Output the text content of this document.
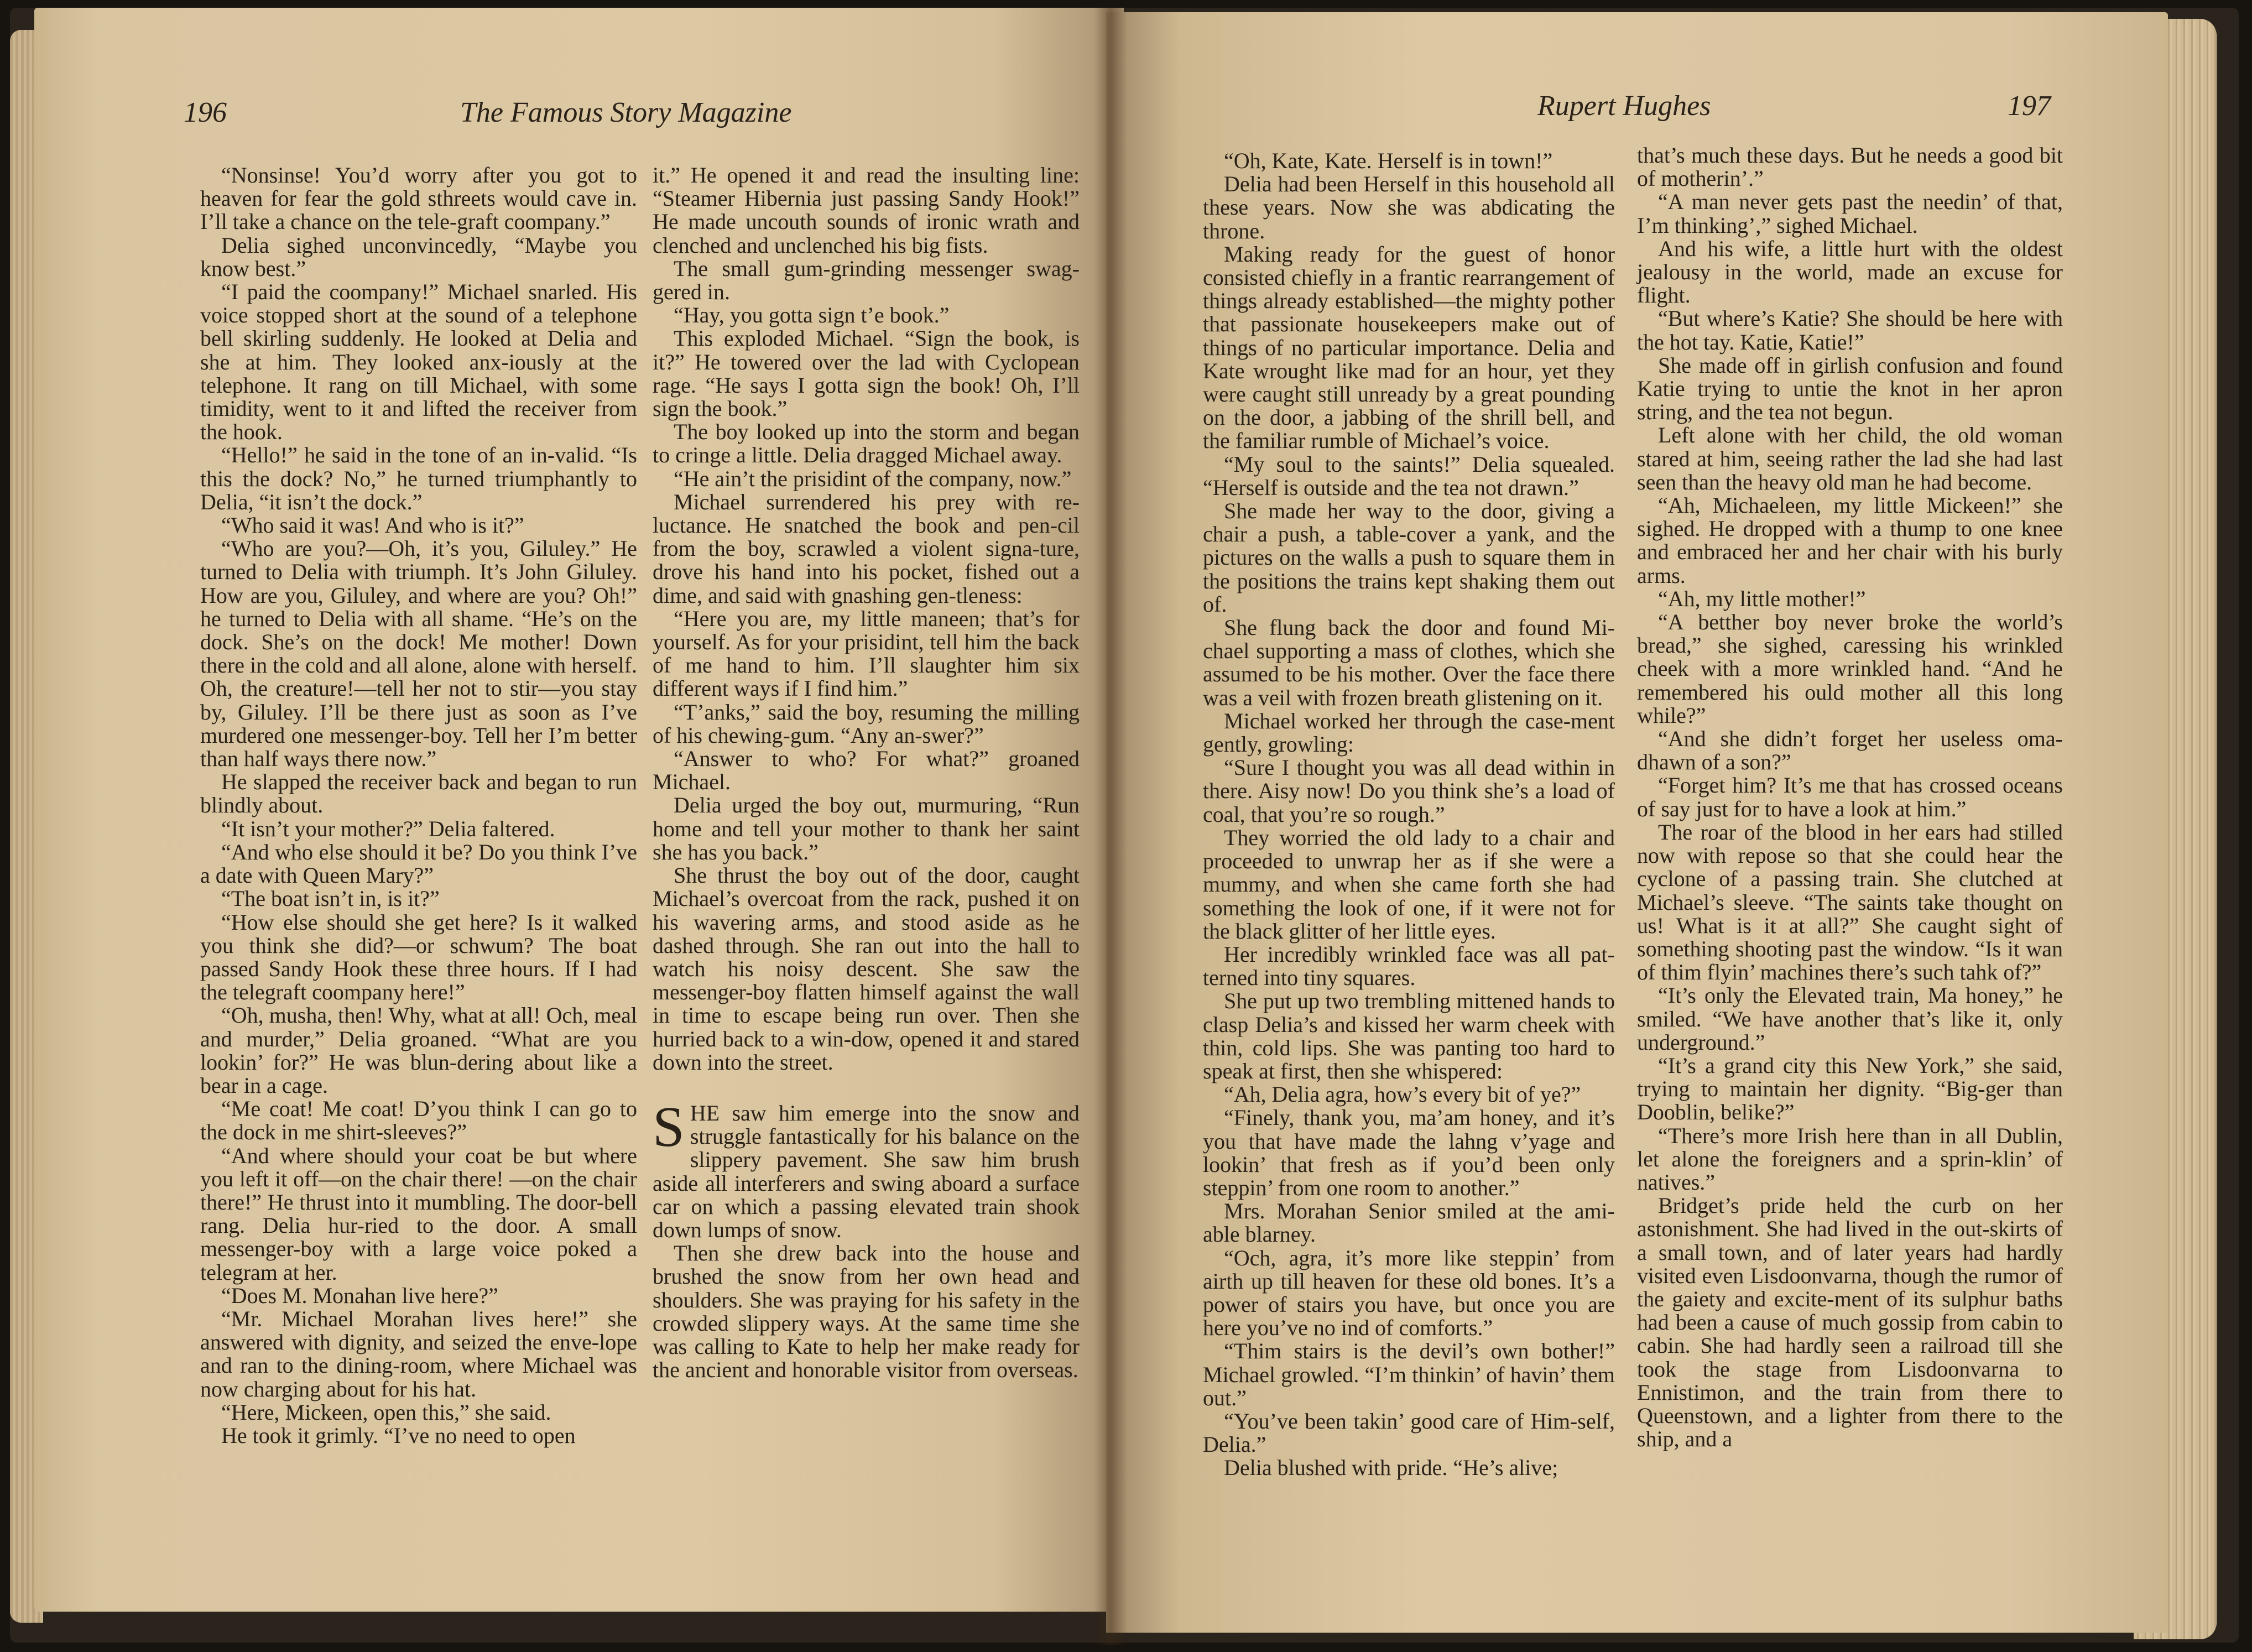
196	The Famous Story Magazine

“Nonsinse! You’d worry after you got to heaven for fear the gold sthreets would cave in. I’ll take a chance on the tele-graft coompany.”

Delia sighed unconvincedly, “Maybe you know best.”

“I paid the coompany!” Michael snarled. His voice stopped short at the sound of a telephone bell skirling suddenly. He looked at Delia and she at him. They looked anx-iously at the telephone. It rang on till Michael, with some timidity, went to it and lifted the receiver from the hook.

“Hello!” he said in the tone of an in-valid. “Is this the dock? No,” he turned triumphantly to Delia, “it isn’t the dock.”

“Who said it was! And who is it?”

“Who are you?—Oh, it’s you, Giluley.” He turned to Delia with triumph. It’s John Giluley. How are you, Giluley, and where are you? Oh!” he turned to Delia with all shame. “He’s on the dock. She’s on the dock! Me mother! Down there in the cold and all alone, alone with herself. Oh, the creature!—tell her not to stir—you stay by, Giluley. I’ll be there just as soon as I’ve murdered one messenger-boy. Tell her I’m better than half ways there now.”

He slapped the receiver back and began to run blindly about.

“It isn’t your mother?” Delia faltered.

“And who else should it be? Do you think I’ve a date with Queen Mary?”

“The boat isn’t in, is it?”

“How else should she get here? Is it walked you think she did?—or schwum? The boat passed Sandy Hook these three hours. If I had the telegraft coompany here!”

“Oh, musha, then! Why, what at all! Och, meal and murder,” Delia groaned. “What are you lookin’ for?” He was blun-dering about like a bear in a cage.

“Me coat! Me coat! D’you think I can go to the dock in me shirt-sleeves?”

“And where should your coat be but where you left it off—on the chair there! —on the chair there!” He thrust into it mumbling. The door-bell rang. Delia hur-ried to the door. A small messenger-boy with a large voice poked a telegram at her.

“Does M. Monahan live here?”

“Mr. Michael Morahan lives here!” she answered with dignity, and seized the enve-lope and ran to the dining-room, where Michael was now charging about for his hat.

“Here, Mickeen, open this,” she said.

He took it grimly. “I’ve no need to open

it.” He opened it and read the insulting line: “Steamer Hibernia just passing Sandy Hook!” He made uncouth sounds of ironic wrath and clenched and unclenched his big fists.

The small gum-grinding messenger swag-gered in.

“Hay, you gotta sign t’e book.”

This exploded Michael. “Sign the book, is it?” He towered over the lad with Cyclopean rage. “He says I gotta sign the book! Oh, I’ll sign the book.”

The boy looked up into the storm and began to cringe a little. Delia dragged Michael away.

“He ain’t the prisidint of the company, now.”

Michael surrendered his prey with re-luctance. He snatched the book and pen-cil from the boy, scrawled a violent signa-ture, drove his hand into his pocket, fished out a dime, and said with gnashing gen-tleness:

“Here you are, my little maneen; that’s for yourself. As for your prisidint, tell him the back of me hand to him. I’ll slaughter him six different ways if I find him.”

“T’anks,” said the boy, resuming the milling of his chewing-gum. “Any an-swer?”

“Answer to who? For what?” groaned Michael.

Delia urged the boy out, murmuring, “Run home and tell your mother to thank her saint she has you back.”

She thrust the boy out of the door, caught Michael’s overcoat from the rack, pushed it on his wavering arms, and stood aside as he dashed through. She ran out into the hall to watch his noisy descent. She saw the messenger-boy flatten himself against the wall in time to escape being run over. Then she hurried back to a win-dow, opened it and stared down into the street.

SHE saw him emerge into the snow and struggle fantastically for his balance on the slippery pavement. She saw him brush aside all interferers and swing aboard a surface car on which a passing elevated train shook down lumps of snow.

Then she drew back into the house and brushed the snow from her own head and shoulders. She was praying for his safety in the crowded slippery ways. At the same time she was calling to Kate to help her make ready for the ancient and honorable visitor from overseas.

Rupert Hughes	197

“Oh, Kate, Kate. Herself is in town!”

Delia had been Herself in this household all these years. Now she was abdicating the throne.

Making ready for the guest of honor consisted chiefly in a frantic rearrangement of things already established—the mighty pother that passionate housekeepers make out of things of no particular importance. Delia and Kate wrought like mad for an hour, yet they were caught still unready by a great pounding on the door, a jabbing of the shrill bell, and the familiar rumble of Michael’s voice.

“My soul to the saints!” Delia squealed. “Herself is outside and the tea not drawn.”

She made her way to the door, giving a chair a push, a table-cover a yank, and the pictures on the walls a push to square them in the positions the trains kept shaking them out of.

She flung back the door and found Mi-chael supporting a mass of clothes, which she assumed to be his mother. Over the face there was a veil with frozen breath glistening on it.

Michael worked her through the case-ment gently, growling:

“Sure I thought you was all dead within in there. Aisy now! Do you think she’s a load of coal, that you’re so rough.”

They worried the old lady to a chair and proceeded to unwrap her as if she were a mummy, and when she came forth she had something the look of one, if it were not for the black glitter of her little eyes.

Her incredibly wrinkled face was all pat-terned into tiny squares.

She put up two trembling mittened hands to clasp Delia’s and kissed her warm cheek with thin, cold lips. She was panting too hard to speak at first, then she whispered:

“Ah, Delia agra, how’s every bit of ye?”

“Finely, thank you, ma’am honey, and it’s you that have made the lahng v’yage and lookin’ that fresh as if you’d been only steppin’ from one room to another.”

Mrs. Morahan Senior smiled at the ami-able blarney.

“Och, agra, it’s more like steppin’ from airth up till heaven for these old bones. It’s a power of stairs you have, but once you are here you’ve no ind of comforts.”

“Thim stairs is the devil’s own bother!” Michael growled. “I’m thinkin’ of havin’ them out.”

“You’ve been takin’ good care of Him-self, Delia.”

Delia blushed with pride. “He’s alive;

that’s much these days. But he needs a good bit of motherin’.”

“A man never gets past the needin’ of that, I’m thinking’,” sighed Michael.

And his wife, a little hurt with the oldest jealousy in the world, made an excuse for flight.

“But where’s Katie? She should be here with the hot tay. Katie, Katie!”

She made off in girlish confusion and found Katie trying to untie the knot in her apron string, and the tea not begun.

Left alone with her child, the old woman stared at him, seeing rather the lad she had last seen than the heavy old man he had become.

“Ah, Michaeleen, my little Mickeen!” she sighed. He dropped with a thump to one knee and embraced her and her chair with his burly arms.

“Ah, my little mother!”

“A betther boy never broke the world’s bread,” she sighed, caressing his wrinkled cheek with a more wrinkled hand. “And he remembered his ould mother all this long while?”

“And she didn’t forget her useless oma-dhawn of a son?”

“Forget him? It’s me that has crossed oceans of say just for to have a look at him.”

The roar of the blood in her ears had stilled now with repose so that she could hear the cyclone of a passing train. She clutched at Michael’s sleeve. “The saints take thought on us! What is it at all?” She caught sight of something shooting past the window. “Is it wan of thim flyin’ machines there’s such tahk of?”

“It’s only the Elevated train, Ma honey,” he smiled. “We have another that’s like it, only underground.”

“It’s a grand city this New York,” she said, trying to maintain her dignity. “Big-ger than Dooblin, belike?”

“There’s more Irish here than in all Dublin, let alone the foreigners and a sprin-klin’ of natives.”

Bridget’s pride held the curb on her astonishment. She had lived in the out-skirts of a small town, and of later years had hardly visited even Lisdoonvarna, though the rumor of the gaiety and excite-ment of its sulphur baths had been a cause of much gossip from cabin to cabin. She had hardly seen a railroad till she took the stage from Lisdoonvarna to Ennistimon, and the train from there to Queenstown, and a lighter from there to the ship, and a
